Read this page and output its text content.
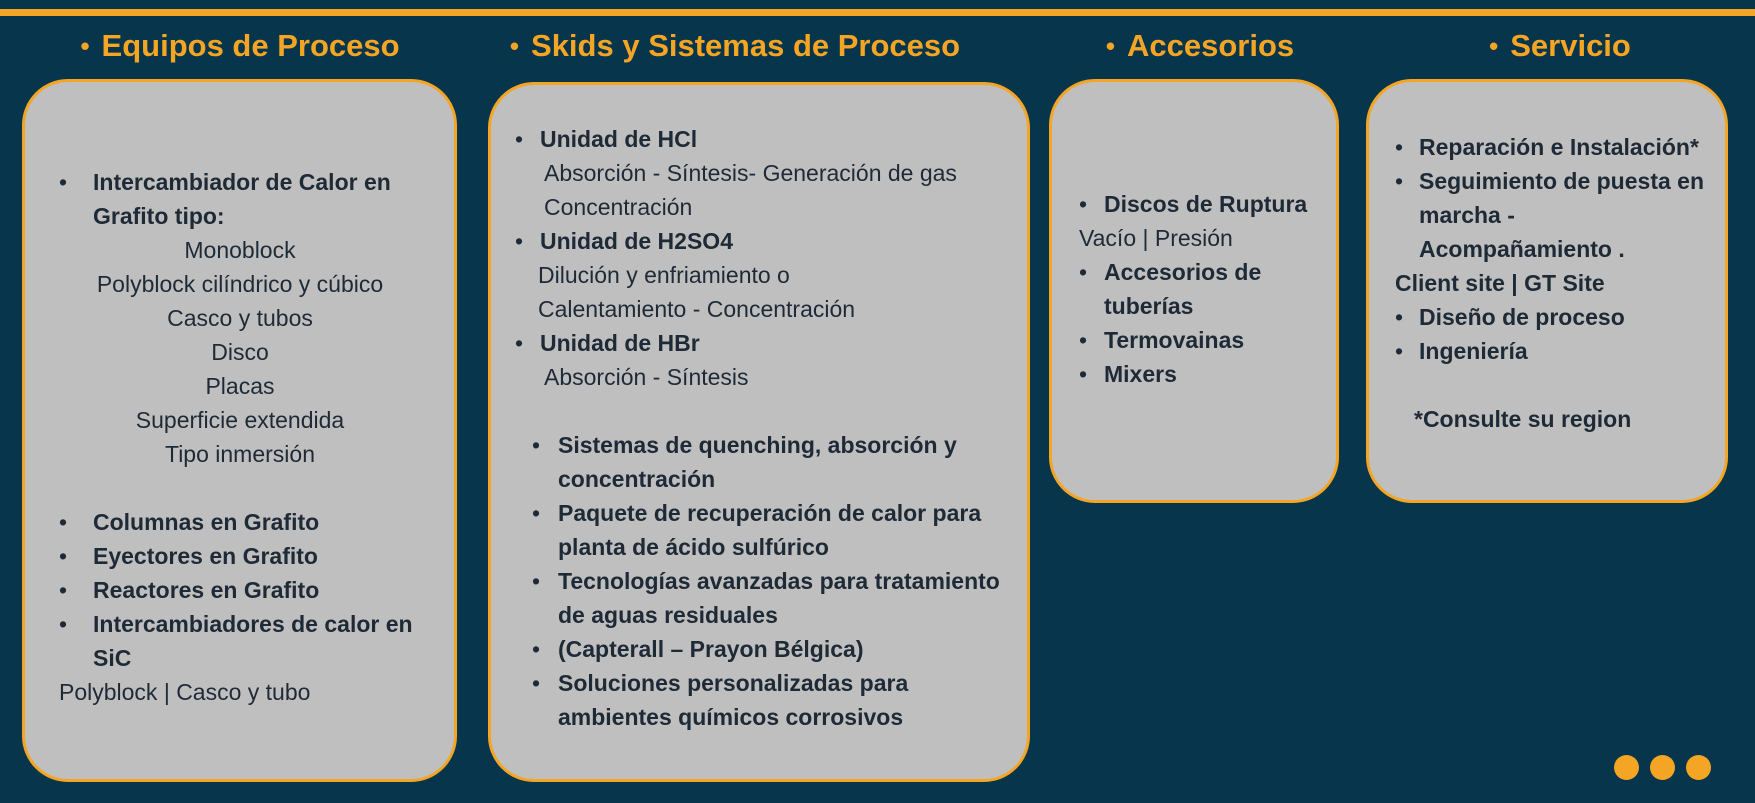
• Equipos de Proceso	• Skids y Sistemas de Proceso	• Accesorios	• Servicio
• Intercambiador de Calor en
Grafito tipo:
Monoblock
Polyblock cilíndrico y cúbico
Casco y tubos
Disco
Placas
Superficie extendida
Tipo inmersión
• Columnas en Grafito
• Eyectores en Grafito
• Reactores en Grafito
• Intercambiadores de calor en
SiC
Polyblock | Casco y tubo
• Unidad de HCl
Absorción - Síntesis- Generación de gas
Concentración
• Unidad de H2SO4
Dilución y enfriamiento o
Calentamiento - Concentración
• Unidad de HBr
Absorción - Síntesis
• Sistemas de quenching, absorción y
concentración
• Paquete de recuperación de calor para
planta de ácido sulfúrico
• Tecnologías avanzadas para tratamiento
de aguas residuales
• (Capterall – Prayon Bélgica)
• Soluciones personalizadas para
ambientes químicos corrosivos
• Discos de Ruptura
Vacío | Presión
• Accesorios de
tuberías
• Termovainas
• Mixers
• Reparación e Instalación*
• Seguimiento de puesta en
marcha -
Acompañamiento .
Client site | GT Site
• Diseño de proceso
• Ingeniería
*Consulte su region
